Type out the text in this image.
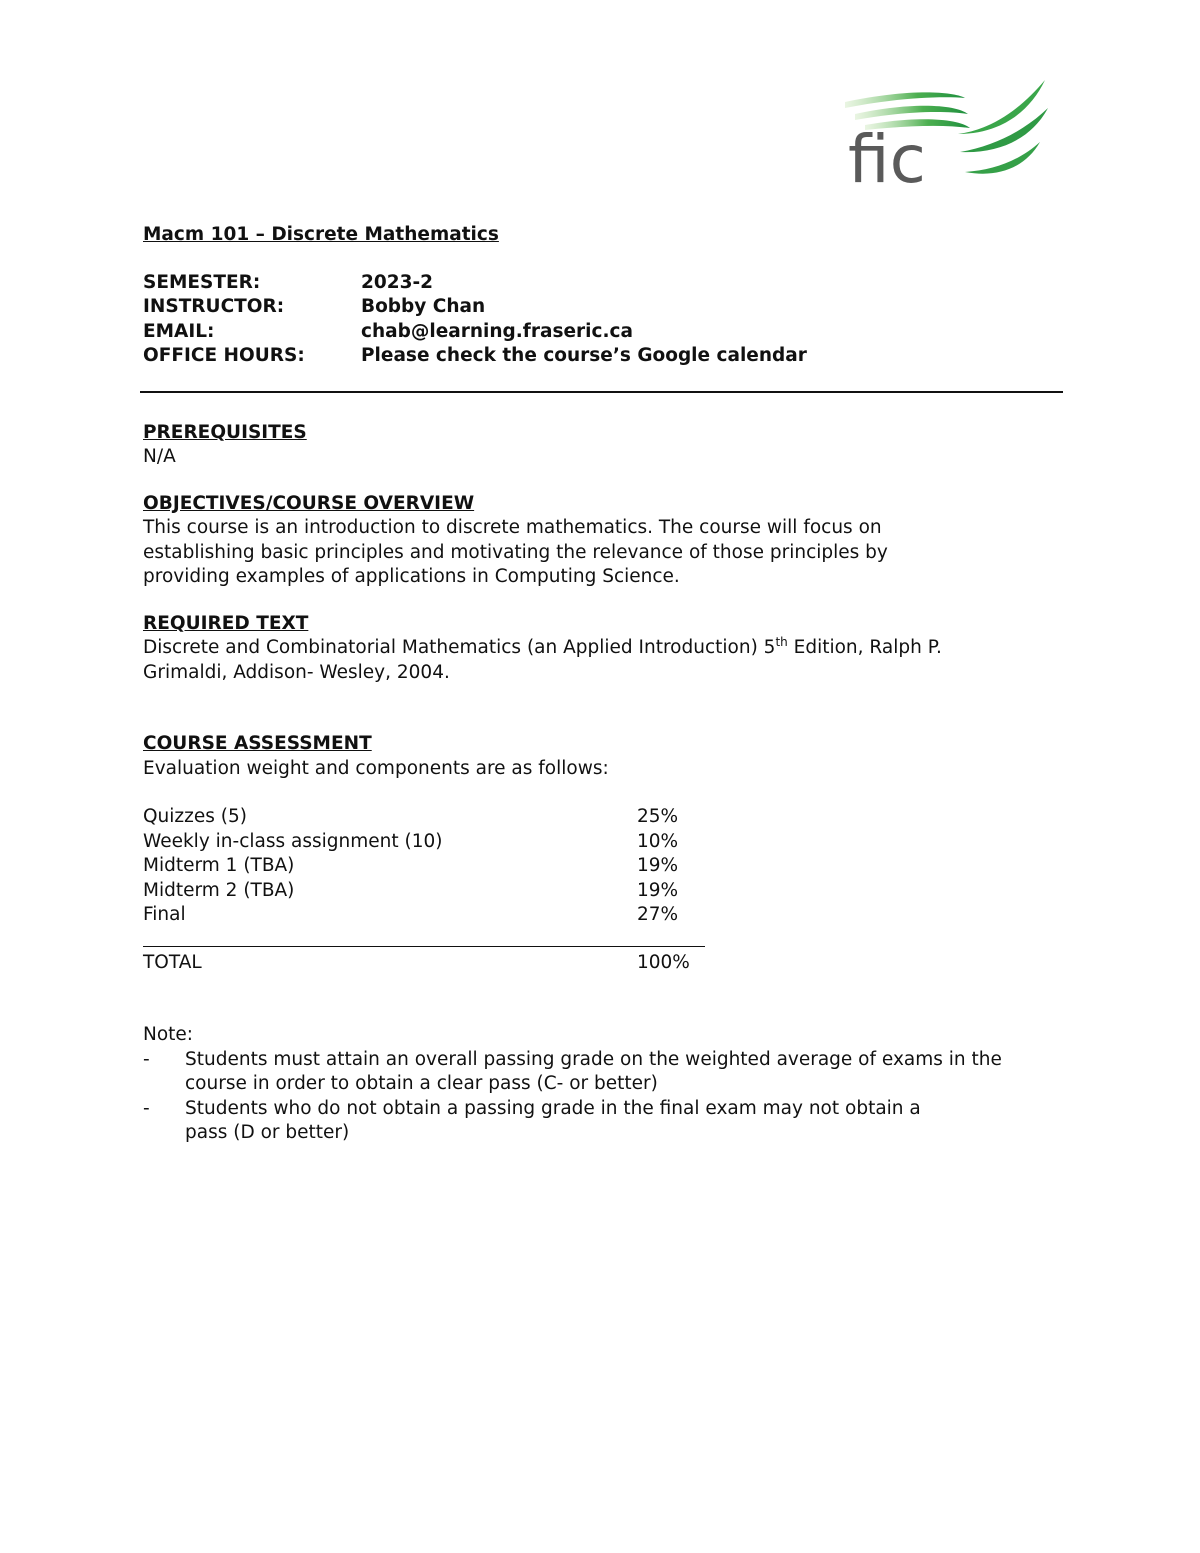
fic

Macm 101 – Discrete Mathematics

SEMESTER:	2023-2
INSTRUCTOR:	Bobby Chan
EMAIL:	chab@learning.fraseric.ca
OFFICE HOURS:	Please check the course’s Google calendar

PREREQUISITES

N/A

OBJECTIVES/COURSE OVERVIEW

This course is an introduction to discrete mathematics. The course will focus on

establishing basic principles and motivating the relevance of those principles by

providing examples of applications in Computing Science.

REQUIRED TEXT

Discrete and Combinatorial Mathematics (an Applied Introduction) 5th Edition, Ralph P.

Grimaldi, Addison- Wesley, 2004.

COURSE ASSESSMENT

Evaluation weight and components are as follows:

Quizzes (5)	25%
Weekly in-class assignment (10)	10%
Midterm 1 (TBA)	19%
Midterm 2 (TBA)	19%
Final	27%
TOTAL	100%

Note:

-	Students must attain an overall passing grade on the weighted average of exams in the
course in order to obtain a clear pass (C- or better)
-	Students who do not obtain a passing grade in the final exam may not obtain a
pass (D or better)
